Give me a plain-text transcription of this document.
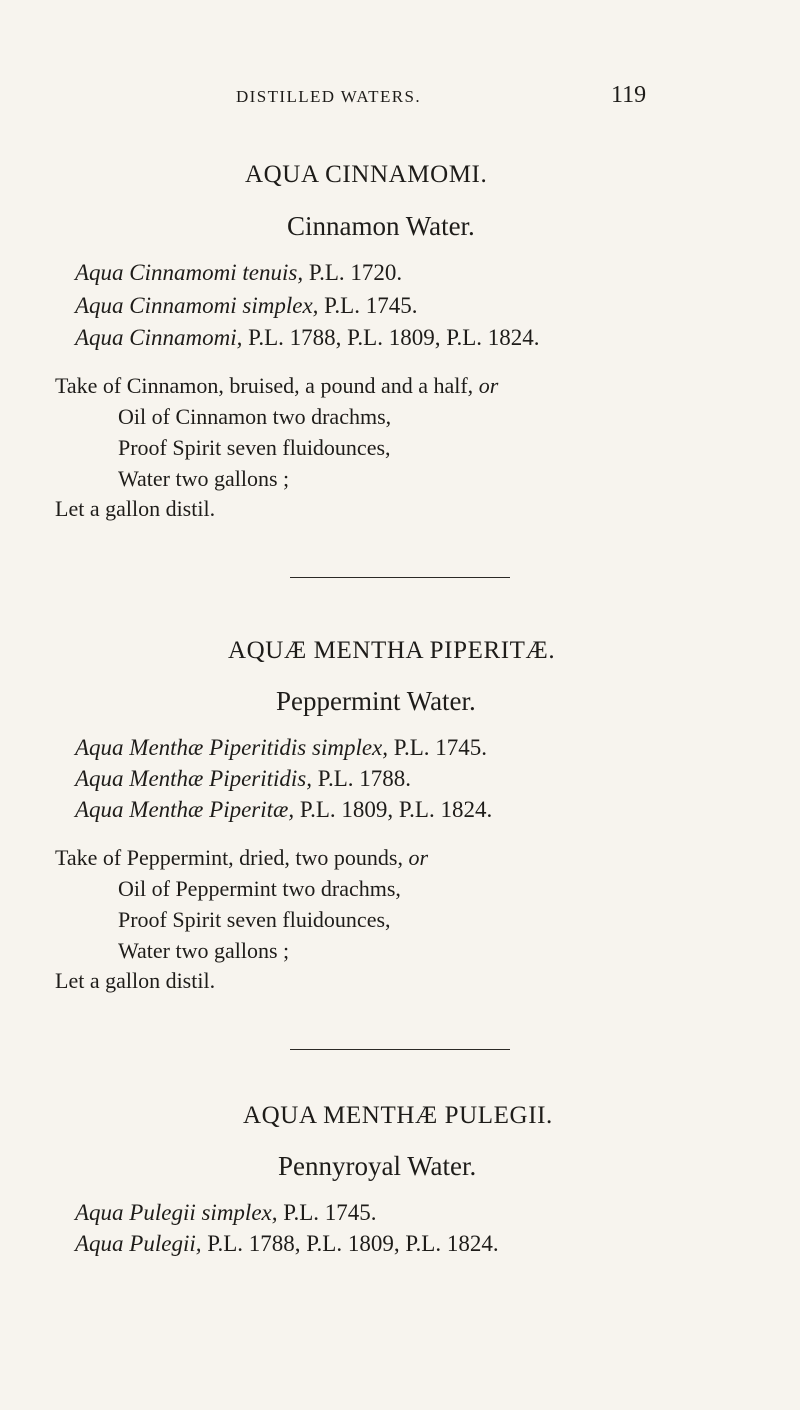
DISTILLED WATERS.	119
AQUA CINNAMOMI.
Cinnamon Water.
Aqua Cinnamomi tenuis, P.L. 1720.
Aqua Cinnamomi simplex, P.L. 1745.
Aqua Cinnamomi, P.L. 1788, P.L. 1809, P.L. 1824.
Take of Cinnamon, bruised, a pound and a half, or
Oil of Cinnamon two drachms,
Proof Spirit seven fluidounces,
Water two gallons ;
Let a gallon distil.
AQUÆ MENTHA PIPERITÆ.
Peppermint Water.
Aqua Menthæ Piperitidis simplex, P.L. 1745.
Aqua Menthæ Piperitidis, P.L. 1788.
Aqua Menthæ Piperitæ, P.L. 1809, P.L. 1824.
Take of Peppermint, dried, two pounds, or
Oil of Peppermint two drachms,
Proof Spirit seven fluidounces,
Water two gallons ;
Let a gallon distil.
AQUA MENTHÆ PULEGII.
Pennyroyal Water.
Aqua Pulegii simplex, P.L. 1745.
Aqua Pulegii, P.L. 1788, P.L. 1809, P.L. 1824.
